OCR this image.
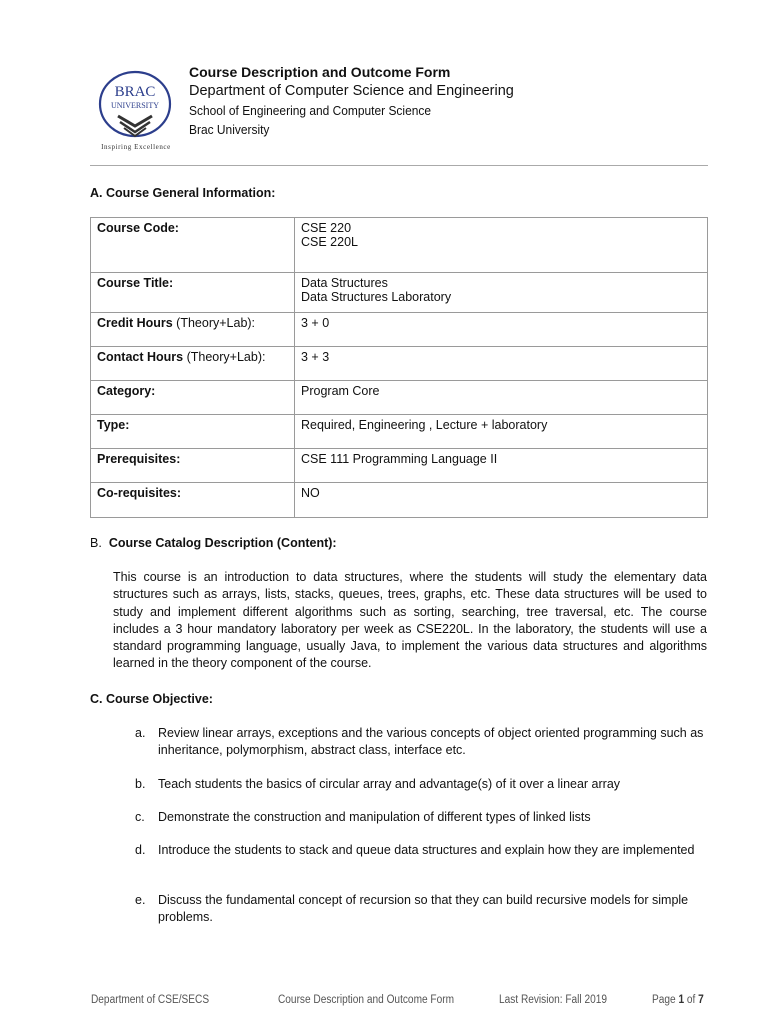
BRAC
UNIVERSITY
Inspiring Excellence
Course Description and Outcome Form
Department of Computer Science and Engineering
School of Engineering and Computer Science
Brac University
A. Course General Information:
Course Code:	CSE 220
CSE 220L

Course Title:	Data Structures
Data Structures Laboratory

Credit Hours (Theory+Lab):	3 + 0

Contact Hours (Theory+Lab):	3 + 3

Category:	Program Core

Type:	Required, Engineering , Lecture + laboratory

Prerequisites:	CSE 111 Programming Language II

Co-requisites:	NO
B. Course Catalog Description (Content):
This course is an introduction to data structures, where the students will study the elementary data structures such as arrays, lists, stacks, queues, trees, graphs, etc. These data structures will be used to study and implement different algorithms such as sorting, searching, tree traversal, etc. The course includes a 3 hour mandatory laboratory per week as CSE220L. In the laboratory, the students will use a standard programming language, usually Java, to implement the various data structures and algorithms learned in the theory component of the course.
C. Course Objective:
a. Review linear arrays, exceptions and the various concepts of object oriented programming such as inheritance, polymorphism, abstract class, interface etc.
b. Teach students the basics of circular array and advantage(s) of it over a linear array
c. Demonstrate the construction and manipulation of different types of linked lists
d. Introduce the students to stack and queue data structures and explain how they are implemented
e. Discuss the fundamental concept of recursion so that they can build recursive models for simple problems.
Department of CSE/SECS	Course Description and Outcome Form	Last Revision: Fall 2019	Page 1 of 7
